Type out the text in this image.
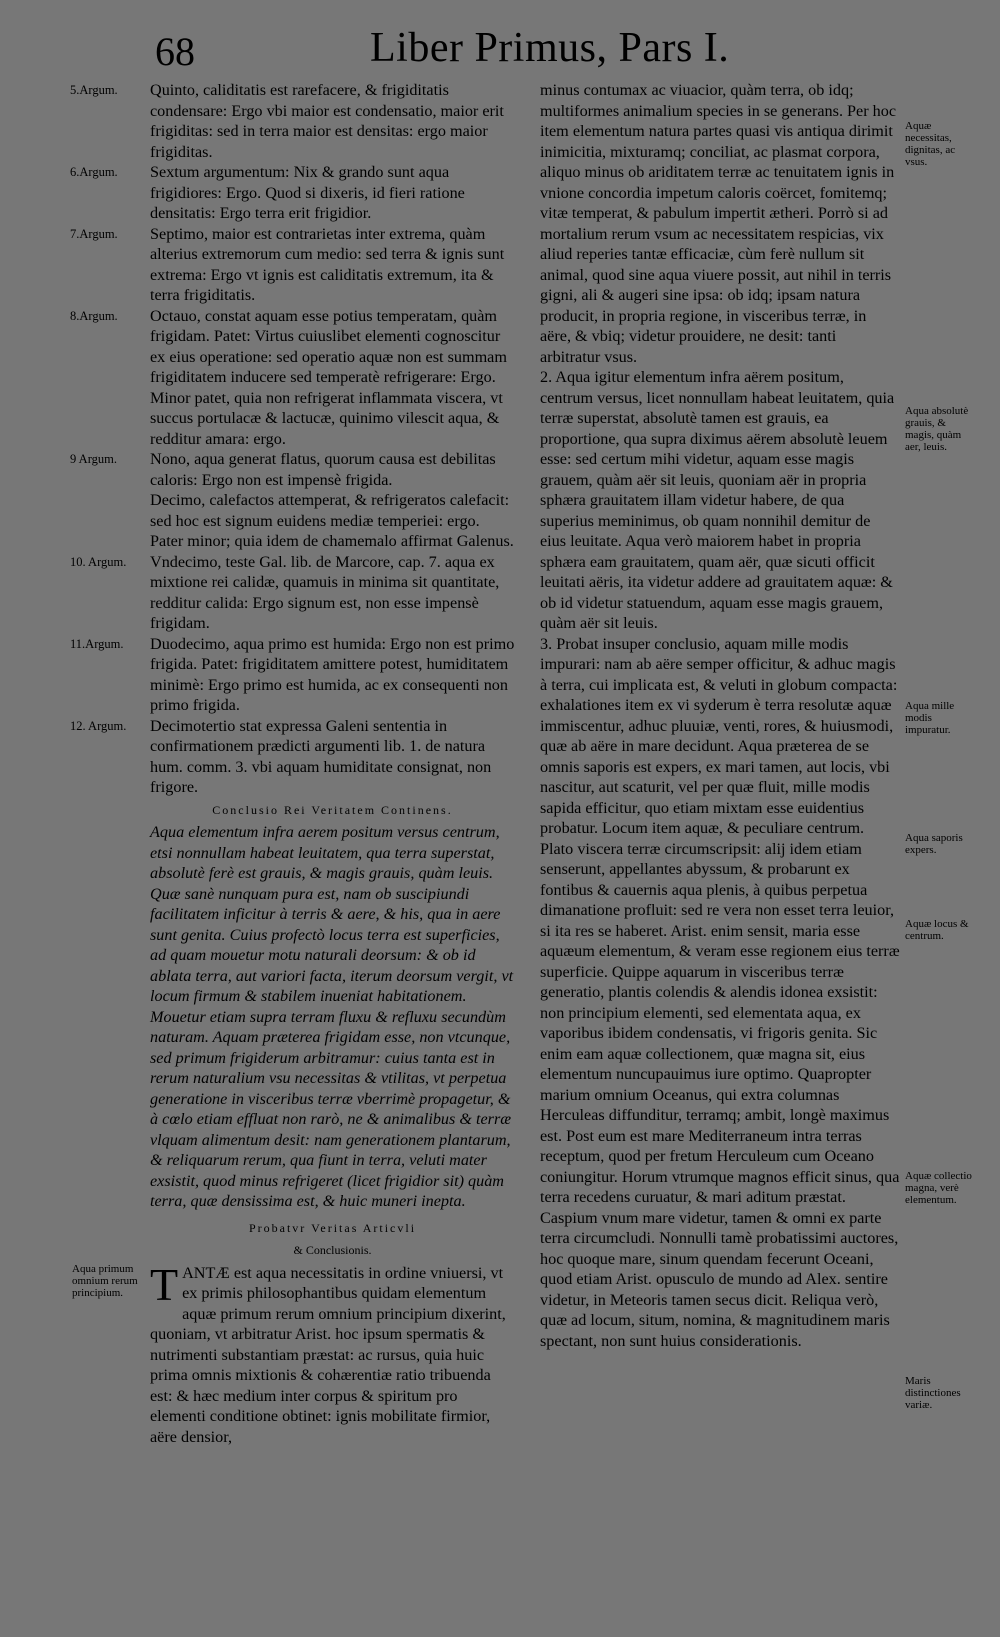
68	Liber Primus, Pars I.

5.Argum.	Quinto, caliditatis est rarefacere, & frigiditatis condensare: Ergo vbi maior est condensatio, maior erit frigiditas: sed in terra maior est densitas: ergo maior frigiditas.

6.Argum.	Sextum argumentum: Nix & grando sunt aqua frigidiores: Ergo. Quod si dixeris, id fieri ratione densitatis: Ergo terra erit frigidior.

7.Argum.	Septimo, maior est contrarietas inter extrema, quàm alterius extremorum cum medio: sed terra & ignis sunt extrema: Ergo vt ignis est caliditatis extremum, ita & terra frigiditatis.

8.Argum.	Octauo, constat aquam esse potius temperatam, quàm frigidam. Patet: Virtus cuiuslibet elementi cognoscitur ex eius operatione: sed operatio aquæ non est summam frigiditatem inducere sed temperatè refrigerare: Ergo. Minor patet, quia non refrigerat inflammata viscera, vt succus portulacæ & lactucæ, quinimo vilescit aqua, & redditur amara: ergo.

9 Argum.	Nono, aqua generat flatus, quorum causa est debilitas caloris: Ergo non est impensè frigida.

Decimo, calefactos attemperat, & refrigeratos calefacit: sed hoc est signum euidens mediæ temperiei: ergo. Pater minor; quia idem de chamemalo affirmat Galenus.

10. Argum.	Vndecimo, teste Gal. lib. de Marcore, cap. 7. aqua ex mixtione rei calidæ, quamuis in minima sit quantitate, redditur calida: Ergo signum est, non esse impensè frigidam.

11.Argum.	Duodecimo, aqua primo est humida: Ergo non est primo frigida. Patet: frigiditatem amittere potest, humiditatem minimè: Ergo primo est humida, ac ex consequenti non primo frigida.

12. Argum.	Decimotertio stat expressa Galeni sententia in confirmationem prædicti argumenti lib. 1. de natura hum. comm. 3. vbi aquam humiditate consignat, non frigore.

Conclusio Rei Veritatem Continens.

Aqua elementum infra aerem positum versus centrum, etsi nonnullam habeat leuitatem, qua terra superstat, absolutè ferè est grauis, & magis grauis, quàm leuis. Quæ sanè nunquam pura est, nam ob suscipiundi facilitatem inficitur à terris & aere, & his, qua in aere sunt genita. Cuius profectò locus terra est superficies, ad quam mouetur motu naturali deorsum: & ob id ablata terra, aut variori facta, iterum deorsum vergit, vt locum firmum & stabilem inueniat habitationem. Mouetur etiam supra terram fluxu & refluxu secundùm naturam. Aquam præterea frigidam esse, non vtcunque, sed primum frigiderum arbitramur: cuius tanta est in rerum naturalium vsu necessitas & vtilitas, vt perpetua generatione in visceribus terræ vberrimè propagetur, & à cœlo etiam effluat non rarò, ne & animalibus & terræ vlquam alimentum desit: nam generationem plantarum, & reliquarum rerum, qua fiunt in terra, veluti mater exsistit, quod minus refrigeret (licet frigidior sit) quàm terra, quæ densissima est, & huic muneri inepta.

Probatvr Veritas Articvli
& Conclusionis.

Aqua primum omnium rerum principium. T ANTÆ est aqua necessitatis in ordine vniuersi, vt ex primis philosophantibus quidam elementum aquæ primum rerum omnium principium dixerint, quoniam, vt arbitratur Arist. hoc ipsum spermatis & nutrimenti substantiam præstat: ac rursus, quia huic prima omnis mixtionis & cohærentiæ ratio tribuenda est: & hæc medium inter corpus & spiritum pro elementi conditione obtinet: ignis mobilitate firmior, aëre densior,

minus contumax ac viuacior, quàm terra, ob idq; multiformes animalium species in se generans. Per hoc item elementum natura partes quasi vis antiqua dirimit inimicitia, mixturamq; conciliat, ac plasmat corpora, aliquo minus ob ariditatem terræ ac tenuitatem ignis in vnione concordia impetum caloris coërcet, fomitemq; vitæ temperat, & pabulum impertit ætheri. Porrò si ad mortalium rerum vsum ac necessitatem respicias, vix aliud reperies tantæ efficaciæ, cùm ferè nullum sit animal, quod sine aqua viuere possit, aut nihil in terris gigni, ali & augeri sine ipsa: ob idq; ipsam natura producit, in propria regione, in visceribus terræ, in aëre, & vbiq; videtur prouidere, ne desit: tanti arbitratur vsus.

2. Aqua igitur elementum infra aërem positum, centrum versus, licet nonnullam habeat leuitatem, quia terræ superstat, absolutè tamen est grauis, ea proportione, qua supra diximus aërem absolutè leuem esse: sed certum mihi videtur, aquam esse magis grauem, quàm aër sit leuis, quoniam aër in propria sphæra grauitatem illam videtur habere, de qua superius meminimus, ob quam nonnihil demitur de eius leuitate. Aqua verò maiorem habet in propria sphæra eam grauitatem, quam aër, quæ sicuti officit leuitati aëris, ita videtur addere ad grauitatem aquæ: & ob id videtur statuendum, aquam esse magis grauem, quàm aër sit leuis.

3. Probat insuper conclusio, aquam mille modis impurari: nam ab aëre semper officitur, & adhuc magis à terra, cui implicata est, & veluti in globum compacta: exhalationes item ex vi syderum è terra resolutæ aquæ immiscentur, adhuc pluuiæ, venti, rores, & huiusmodi, quæ ab aëre in mare decidunt. Aqua præterea de se omnis saporis est expers, ex mari tamen, aut locis, vbi nascitur, aut scaturit, vel per quæ fluit, mille modis sapida efficitur, quo etiam mixtam esse euidentius probatur. Locum item aquæ, & peculiare centrum. Plato viscera terræ circumscripsit: alij idem etiam senserunt, appellantes abyssum, & probarunt ex fontibus & cauernis aqua plenis, à quibus perpetua dimanatione profluit: sed re vera non esset terra leuior, si ita res se haberet. Arist. enim sensit, maria esse aquæum elementum, & veram esse regionem eius terræ superficie. Quippe aquarum in visceribus terræ generatio, plantis colendis & alendis idonea exsistit: non principium elementi, sed elementata aqua, ex vaporibus ibidem condensatis, vi frigoris genita. Sic enim eam aquæ collectionem, quæ magna sit, eius elementum nuncupauimus iure optimo. Quapropter marium omnium Oceanus, qui extra columnas Herculeas diffunditur, terramq; ambit, longè maximus est. Post eum est mare Mediterraneum intra terras receptum, quod per fretum Herculeum cum Oceano coniungitur. Horum vtrumque magnos efficit sinus, qua terra recedens curuatur, & mari aditum præstat. Caspium vnum mare videtur, tamen & omni ex parte terra circumcludi. Nonnulli tamè probatissimi auctores, hoc quoque mare, sinum quendam fecerunt Oceani, quod etiam Arist. opusculo de mundo ad Alex. sentire videtur, in Meteoris tamen secus dicit. Reliqua verò, quæ ad locum, situm, nomina, & magnitudinem maris spectant, non sunt huius considerationis.

Aquæ necessitas, dignitas, ac vsus.
Aqua absolutè grauis, & magis, quàm aer, leuis.
Aqua mille modis impuratur.
Aqua saporis expers.
Aquæ locus & centrum.
Aquæ collectio magna, verè elementum.
Maris distinctiones variæ.
